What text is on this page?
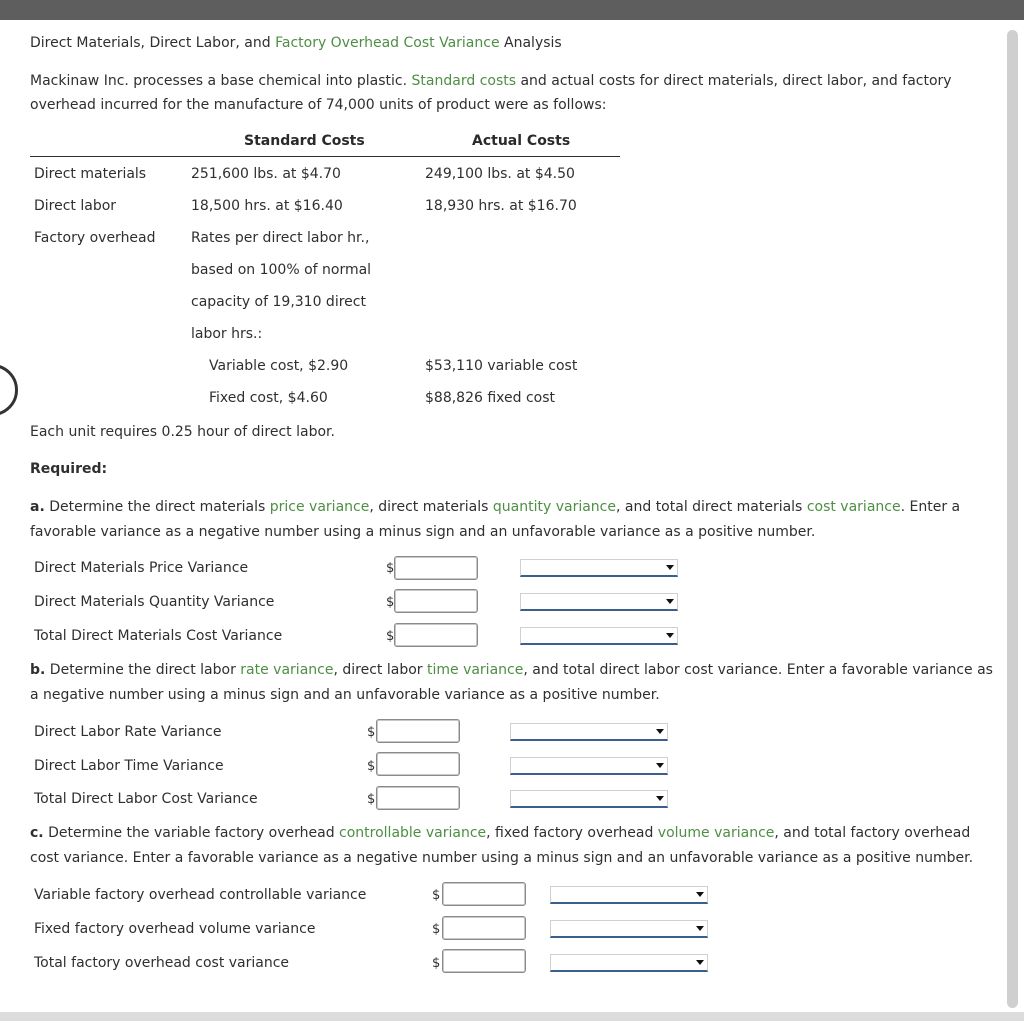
Direct Materials, Direct Labor, and Factory Overhead Cost Variance Analysis
Mackinaw Inc. processes a base chemical into plastic. Standard costs and actual costs for direct materials, direct labor, and factory overhead incurred for the manufacture of 74,000 units of product were as follows:
Standard Costs	Actual Costs
Direct materials	251,600 lbs. at $4.70	249,100 lbs. at $4.50
Direct labor	18,500 hrs. at $16.40	18,930 hrs. at $16.70
Factory overhead	Rates per direct labor hr.,
based on 100% of normal
capacity of 19,310 direct
labor hrs.:
Variable cost, $2.90	$53,110 variable cost
Fixed cost, $4.60	$88,826 fixed cost
Each unit requires 0.25 hour of direct labor.
Required:
a. Determine the direct materials price variance, direct materials quantity variance, and total direct materials cost variance. Enter a favorable variance as a negative number using a minus sign and an unfavorable variance as a positive number.
Direct Materials Price Variance	$
Direct Materials Quantity Variance	$
Total Direct Materials Cost Variance	$
b. Determine the direct labor rate variance, direct labor time variance, and total direct labor cost variance. Enter a favorable variance as a negative number using a minus sign and an unfavorable variance as a positive number.
Direct Labor Rate Variance	$
Direct Labor Time Variance	$
Total Direct Labor Cost Variance	$
c. Determine the variable factory overhead controllable variance, fixed factory overhead volume variance, and total factory overhead cost variance. Enter a favorable variance as a negative number using a minus sign and an unfavorable variance as a positive number.
Variable factory overhead controllable variance	$
Fixed factory overhead volume variance	$
Total factory overhead cost variance	$
